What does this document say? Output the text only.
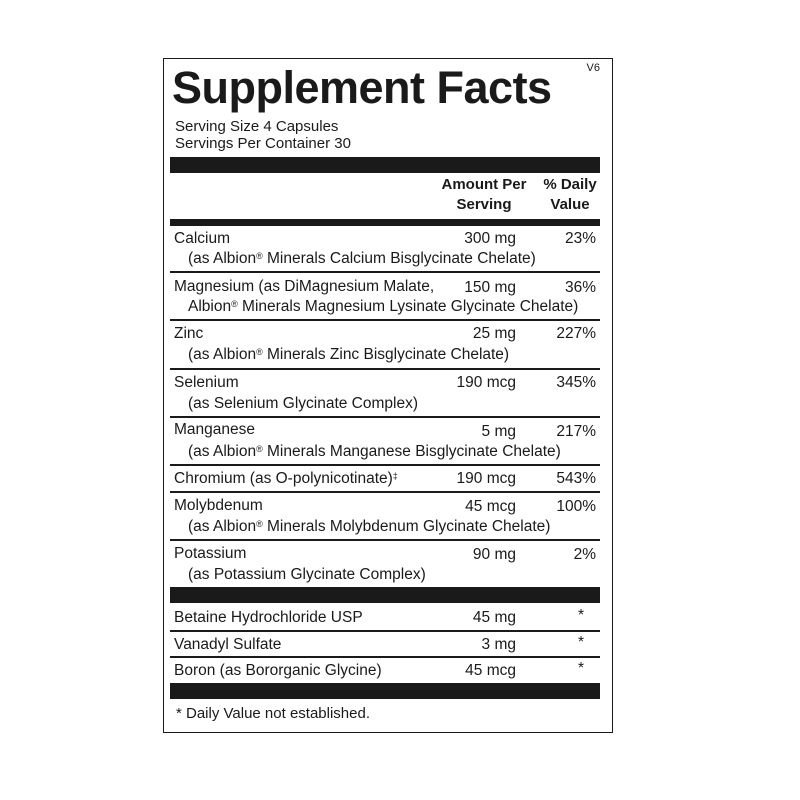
V6
Supplement Facts
Serving Size 4 Capsules
Servings Per Container 30
Amount Per
Serving
% Daily
Value
Calcium	300 mg	23%
(as Albion® Minerals Calcium Bisglycinate Chelate)
Magnesium (as DiMagnesium Malate, 150 mg	36%
Albion® Minerals Magnesium Lysinate Glycinate Chelate)
Zinc	25 mg	227%
(as Albion® Minerals Zinc Bisglycinate Chelate)
Selenium	190 mcg	345%
(as Selenium Glycinate Complex)
Manganese	5 mg	217%
(as Albion® Minerals Manganese Bisglycinate Chelate)
Chromium (as O-polynicotinate)‡	190 mcg	543%
Molybdenum	45 mcg	100%
(as Albion® Minerals Molybdenum Glycinate Chelate)
Potassium	90 mg	2%
(as Potassium Glycinate Complex)
Betaine Hydrochloride USP	45 mg	*
Vanadyl Sulfate	3 mg	*
Boron (as Bororganic Glycine)	45 mcg	*
* Daily Value not established.
